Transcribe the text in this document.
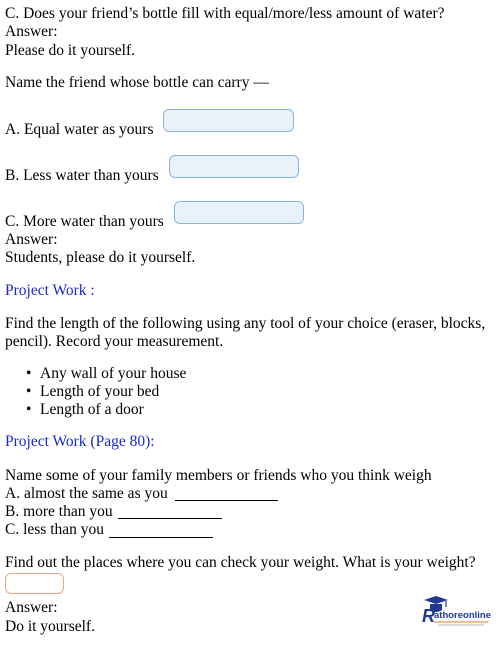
C. Does your friend’s bottle fill with equal/more/less amount of water?
Answer:
Please do it yourself.
Name the friend whose bottle can carry —
A. Equal water as yours
B. Less water than yours
C. More water than yours
Answer:
Students, please do it yourself.
Project Work :
Find the length of the following using any tool of your choice (eraser, blocks,
pencil). Record your measurement.
• Any wall of your house
• Length of your bed
• Length of a door
Project Work (Page 80):
Name some of your family members or friends who you think weigh
A. almost the same as you
B. more than you
C. less than you
Find out the places where you can check your weight. What is your weight?
Answer:
Do it yourself.
R athoreonline
